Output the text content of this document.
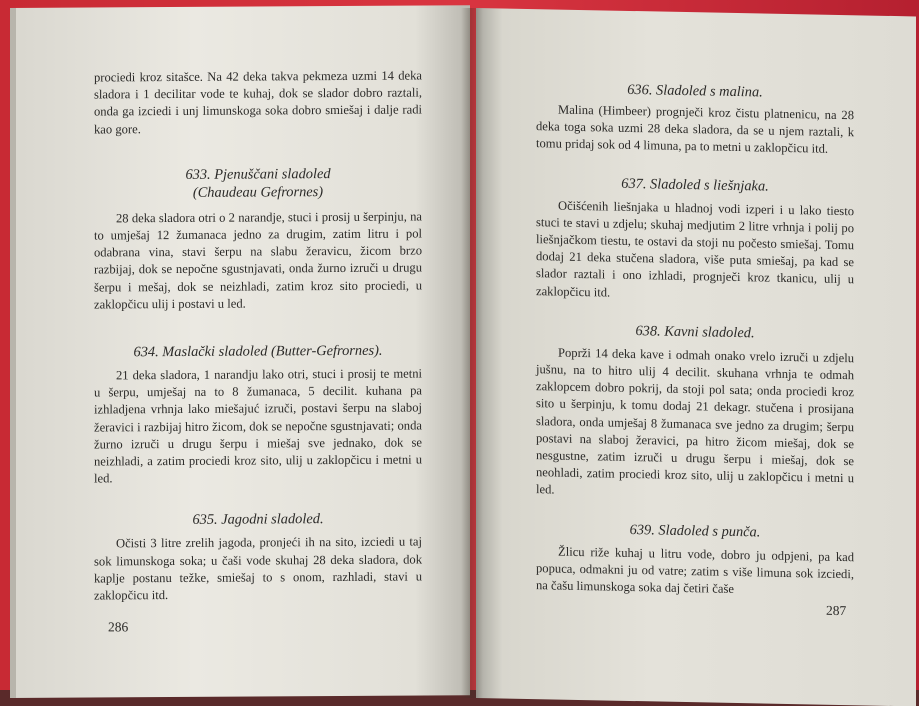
prociedi kroz sitašce. Na 42 deka takva pekmeza uzmi 14 deka sladora i 1 decilitar vode te kuhaj, dok se slador dobro raztali, onda ga izciedi i unj limunskoga soka dobro smiešaj i dalje radi kao gore.

633. Pjenuščani sladoled
(Chaudeau Gefrornes)

28 deka sladora otri o 2 narandje, stuci i prosij u šerpinju, na to umješaj 12 žumanaca jedno za drugim, zatim litru i pol odabrana vina, stavi šerpu na slabu žeravicu, žicom brzo razbijaj, dok se nepočne sgustnjavati, onda žurno izruči u drugu šerpu i mešaj, dok se neizhladi, zatim kroz sito prociedi, u zaklopčicu ulij i postavi u led.

634. Maslački sladoled (Butter-Gefrornes).

21 deka sladora, 1 narandju lako otri, stuci i prosij te metni u šerpu, umješaj na to 8 žumanaca, 5 decilit. kuhana pa izhladjena vrhnja lako miešajuć izruči, postavi šerpu na slaboj žeravici i razbijaj hitro žicom, dok se nepočne sgustnjavati; onda žurno izruči u drugu šerpu i miešaj sve jednako, dok se neizhladi, a zatim prociedi kroz sito, ulij u zaklopčicu i metni u led.

635. Jagodni sladoled.

Očisti 3 litre zrelih jagoda, pronjeći ih na sito, izciedi u taj sok limunskoga soka; u čaši vode skuhaj 28 deka sladora, dok kaplje postanu težke, smiešaj to s onom, razhladi, stavi u zaklopčicu itd.

286
636. Sladoled s malina.

Malina (Himbeer) prognječi kroz čistu platnenicu, na 28 deka toga soka uzmi 28 deka sladora, da se u njem raztali, k tomu pridaj sok od 4 limuna, pa to metni u zaklopčicu itd.

637. Sladoled s liešnjaka.

Očišćenih liešnjaka u hladnoj vodi izperi i u lako tiesto stuci te stavi u zdjelu; skuhaj medjutim 2 litre vrhnja i polij po liešnjačkom tiestu, te ostavi da stoji nu počesto smiešaj. Tomu dodaj 21 deka stučena sladora, više puta smiešaj, pa kad se slador raztali i ono izhladi, prognječi kroz tkanicu, ulij u zaklopčicu itd.

638. Kavni sladoled.

Poprži 14 deka kave i odmah onako vrelo izruči u zdjelu jušnu, na to hitro ulij 4 decilit. skuhana vrhnja te odmah zaklopcem dobro pokrij, da stoji pol sata; onda prociedi kroz sito u šerpinju, k tomu dodaj 21 dekagr. stučena i prosijana sladora, onda umješaj 8 žumanaca sve jedno za drugim; šerpu postavi na slaboj žeravici, pa hitro žicom miešaj, dok se nesgustne, zatim izruči u drugu šerpu i miešaj, dok se neohladi, zatim prociedi kroz sito, ulij u zaklopčicu i metni u led.

639. Sladoled s punča.

Žlicu riže kuhaj u litru vode, dobro ju odpjeni, pa kad popuca, odmakni ju od vatre; zatim s više limuna sok izciedi, na čašu limunskoga soka daj četiri čaše

287
